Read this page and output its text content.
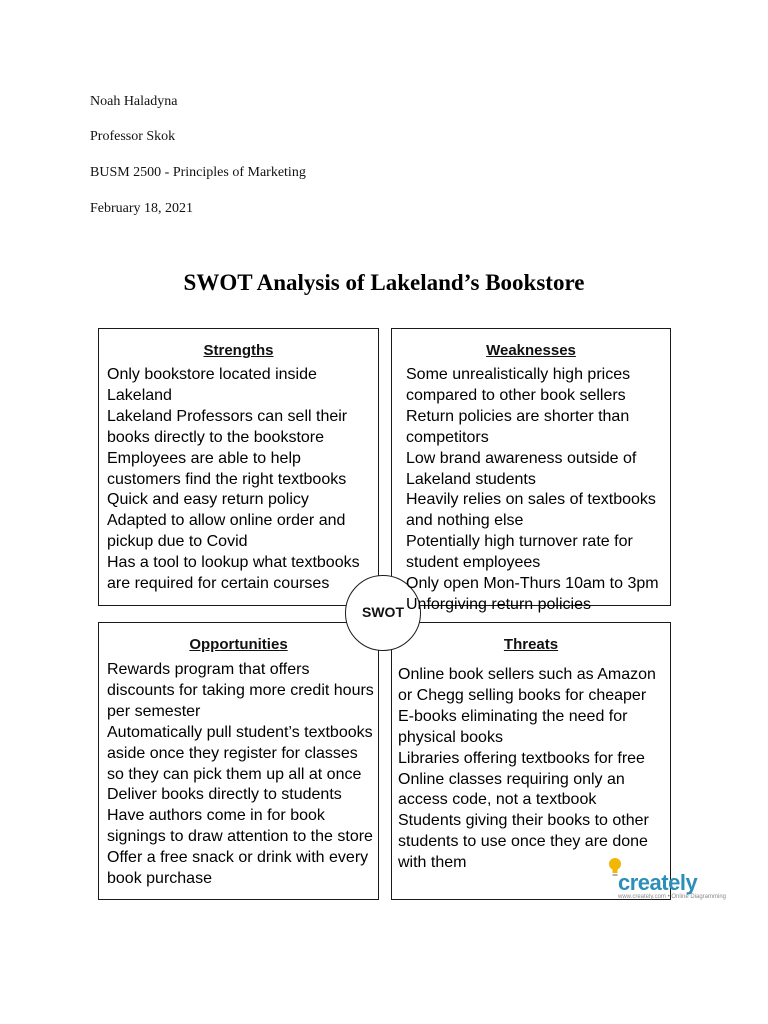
Noah Haladyna
Professor Skok
BUSM 2500 - Principles of Marketing
February 18, 2021
SWOT Analysis of Lakeland’s Bookstore
Strengths
Only bookstore located inside Lakeland
Lakeland Professors can sell their books directly to the bookstore
Employees are able to help customers find the right textbooks
Quick and easy return policy
Adapted to allow online order and pickup due to Covid
Has a tool to lookup what textbooks are required for certain courses
Weaknesses
Some unrealistically high prices compared to other book sellers
Return policies are shorter than competitors
Low brand awareness outside of Lakeland students
Heavily relies on sales of textbooks and nothing else
Potentially high turnover rate for student employees
Only open Mon-Thurs 10am to 3pm
Unforgiving return policies
Opportunities
Rewards program that offers discounts for taking more credit hours per semester
Automatically pull student’s textbooks aside once they register for classes so they can pick them up all at once
Deliver books directly to students
Have authors come in for book signings to draw attention to the store
Offer a free snack or drink with every book purchase
Threats
Online book sellers such as Amazon or Chegg selling books for cheaper
E-books eliminating the need for physical books
Libraries offering textbooks for free
Online classes requiring only an access code, not a textbook
Students giving their books to other students to use once they are done with them
SWOT
creately
www.creately.com • Online Diagramming
